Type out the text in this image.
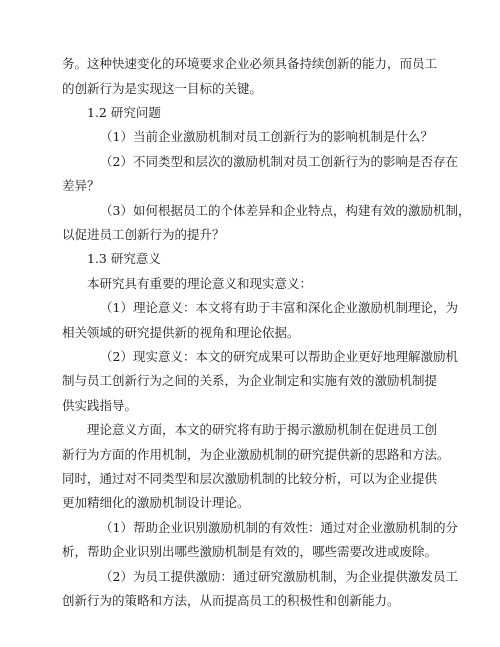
务。这种快速变化的环境要求企业必须具备持续创新的能力，而员工
的创新行为是实现这一目标的关键。
1.2 研究问题
（1）当前企业激励机制对员工创新行为的影响机制是什么？
（2）不同类型和层次的激励机制对员工创新行为的影响是否存在
差异？
（3）如何根据员工的个体差异和企业特点，构建有效的激励机制，
以促进员工创新行为的提升？
1.3 研究意义
本研究具有重要的理论意义和现实意义：
（1）理论意义：本文将有助于丰富和深化企业激励机制理论，为
相关领域的研究提供新的视角和理论依据。
（2）现实意义：本文的研究成果可以帮助企业更好地理解激励机
制与员工创新行为之间的关系，为企业制定和实施有效的激励机制提
供实践指导。
理论意义方面，本文的研究将有助于揭示激励机制在促进员工创
新行为方面的作用机制，为企业激励机制的研究提供新的思路和方法。
同时，通过对不同类型和层次激励机制的比较分析，可以为企业提供
更加精细化的激励机制设计理论。
（1）帮助企业识别激励机制的有效性：通过对企业激励机制的分
析，帮助企业识别出哪些激励机制是有效的，哪些需要改进或废除。
（2）为员工提供激励：通过研究激励机制，为企业提供激发员工
创新行为的策略和方法，从而提高员工的积极性和创新能力。
